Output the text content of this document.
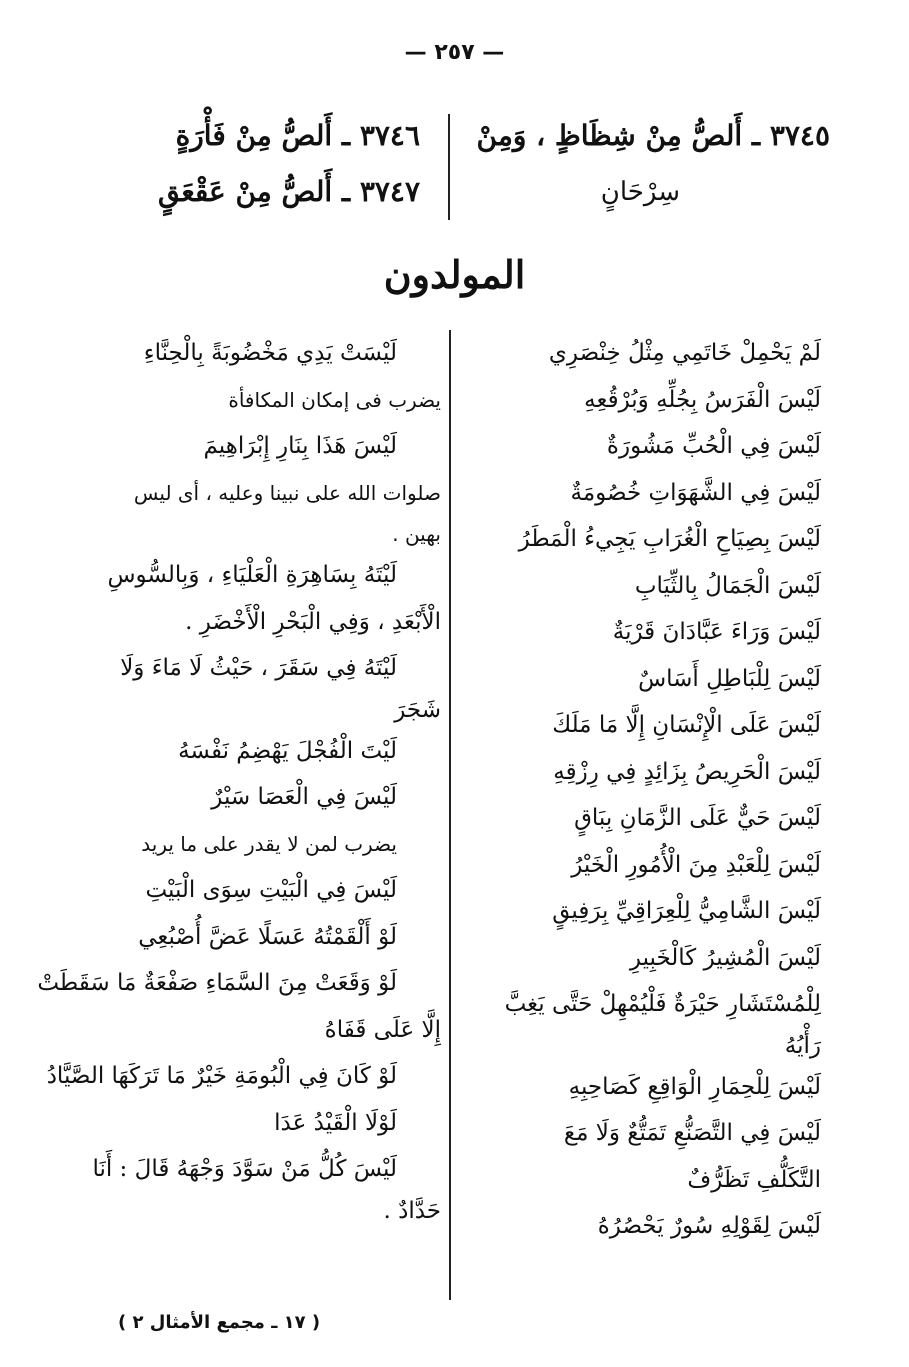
— ٢٥٧ —
٣٧٤٥ ـ أَلصُّ مِنْ شِظَاظٍ ، وَمِنْ
سِرْحَانٍ
٣٧٤٦ ـ أَلصُّ مِنْ فَأْرَةٍ
٣٧٤٧ ـ أَلصُّ مِنْ عَقْعَقٍ
المولدون
لَمْ يَحْمِلْ خَاتَمِي مِثْلُ خِنْصَرِي
لَيْسَ الْفَرَسُ بِجُلِّهِ وَبُرْقُعِهِ
لَيْسَ فِي الْحُبِّ مَشُورَةٌ
لَيْسَ فِي الشَّهَوَاتِ خُصُومَةٌ
لَيْسَ بِصِيَاحِ الْغُرَابِ يَجِيءُ الْمَطَرُ
لَيْسَ الْجَمَالُ بِالثِّيَابِ
لَيْسَ وَرَاءَ عَبَّادَانَ قَرْيَةٌ
لَيْسَ لِلْبَاطِلِ أَسَاسٌ
لَيْسَ عَلَى الْإِنْسَانِ إِلَّا مَا مَلَكَ
لَيْسَ الْحَرِيصُ بِزَائِدٍ فِي رِزْقِهِ
لَيْسَ حَيٌّ عَلَى الزَّمَانِ بِبَاقٍ
لَيْسَ لِلْعَبْدِ مِنَ الْأُمُورِ الْخَيْرُ
لَيْسَ الشَّامِيُّ لِلْعِرَاقِيِّ بِرَفِيقٍ
لَيْسَ الْمُشِيرُ كَالْخَبِيرِ
لِلْمُسْتَشَارِ حَيْرَةٌ فَلْيُمْهِلْ حَتَّى يَغِبَّ
رَأْيُهُ
لَيْسَ لِلْحِمَارِ الْوَاقِعِ كَصَاحِبِهِ
لَيْسَ فِي التَّصَنُّعِ تَمَتُّعٌ وَلَا مَعَ
التَّكَلُّفِ تَظَرُّفٌ
لَيْسَ لِقَوْلِهِ سُورٌ يَحْصُرُهُ
لَيْسَتْ يَدِي مَخْضُوبَةً بِالْحِنَّاءِ
يضرب فى إمكان المكافأة
لَيْسَ هَذَا بِنَارِ إِبْرَاهِيمَ
صلوات الله على نبينا وعليه ، أى ليس
بهين .
لَيْتَهُ بِسَاهِرَةِ الْعَلْيَاءِ ، وَبِالسُّوسِ
الْأَبْعَدِ ، وَفِي الْبَحْرِ الْأَخْضَرِ .
لَيْتَهُ فِي سَقَرَ ، حَيْثُ لَا مَاءَ وَلَا
شَجَرَ
لَيْتَ الْفُجْلَ يَهْضِمُ نَفْسَهُ
لَيْسَ فِي الْعَصَا سَيْرٌ
يضرب لمن لا يقدر على ما يريد
لَيْسَ فِي الْبَيْتِ سِوَى الْبَيْتِ
لَوْ أَلْقَمْتُهُ عَسَلًا عَضَّ أُصْبُعِي
لَوْ وَقَعَتْ مِنَ السَّمَاءِ صَفْعَةٌ مَا سَقَطَتْ
إِلَّا عَلَى قَفَاهُ
لَوْ كَانَ فِي الْبُومَةِ خَيْرٌ مَا تَرَكَهَا الصَّيَّادُ
لَوْلَا الْقَيْدُ عَدَا
لَيْسَ كُلُّ مَنْ سَوَّدَ وَجْهَهُ قَالَ : أَنَا
حَدَّادٌ .
( ١٧ ـ مجمع الأمثال ٢ )
